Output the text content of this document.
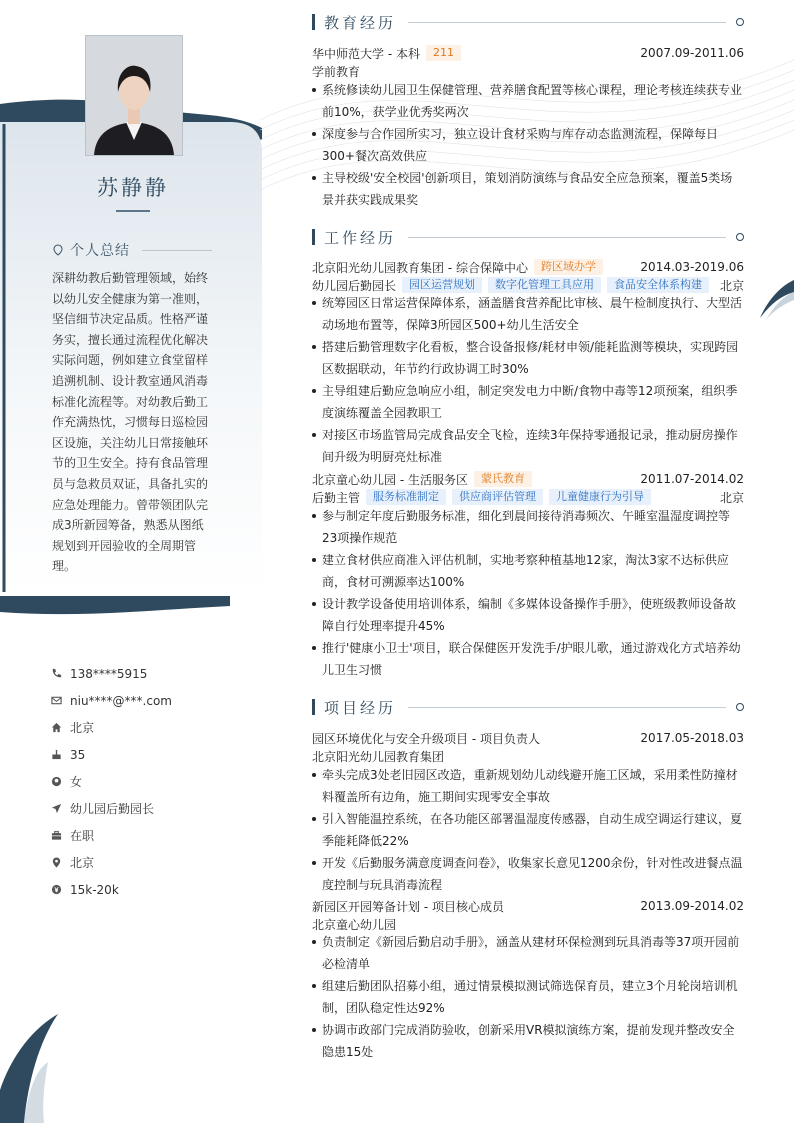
苏静静
个人总结
深耕幼教后勤管理领域，始终以幼儿安全健康为第一准则，坚信细节决定品质。性格严谨务实，擅长通过流程优化解决实际问题，例如建立食堂留样追溯机制、设计教室通风消毒标准化流程等。对幼教后勤工作充满热忱，习惯每日巡检园区设施，关注幼儿日常接触环节的卫生安全。持有食品管理员与急救员双证，具备扎实的应急处理能力。曾带领团队完成3所新园筹备，熟悉从图纸规划到开园验收的全周期管理。
138****5915
niu****@***.com
北京
35
女
幼儿园后勤园长
在职
北京
15k-20k
教育经历
华中师范大学 - 本科	211	2007.09-2011.06
学前教育
系统修读幼儿园卫生保健管理、营养膳食配置等核心课程，理论考核连续获专业前10%，获学业优秀奖两次
深度参与合作园所实习，独立设计食材采购与库存动态监测流程，保障每日300+餐次高效供应
主导校级'安全校园'创新项目，策划消防演练与食品安全应急预案，覆盖5类场景并获实践成果奖
工作经历
北京阳光幼儿园教育集团 - 综合保障中心	跨区域办学	2014.03-2019.06
幼儿园后勤园长	园区运营规划	数字化管理工具应用	食品安全体系构建	北京
统筹园区日常运营保障体系，涵盖膳食营养配比审核、晨午检制度执行、大型活动场地布置等，保障3所园区500+幼儿生活安全
搭建后勤管理数字化看板，整合设备报修/耗材申领/能耗监测等模块，实现跨园区数据联动，年节约行政协调工时30%
主导组建后勤应急响应小组，制定突发电力中断/食物中毒等12项预案，组织季度演练覆盖全园教职工
对接区市场监管局完成食品安全飞检，连续3年保持零通报记录，推动厨房操作间升级为明厨亮灶标准
北京童心幼儿园 - 生活服务区	蒙氏教育	2011.07-2014.02
后勤主管	服务标准制定	供应商评估管理	儿童健康行为引导	北京
参与制定年度后勤服务标准，细化到晨间接待消毒频次、午睡室温湿度调控等23项操作规范
建立食材供应商准入评估机制，实地考察种植基地12家，淘汰3家不达标供应商，食材可溯源率达100%
设计教学设备使用培训体系，编制《多媒体设备操作手册》，使班级教师设备故障自行处理率提升45%
推行'健康小卫士'项目，联合保健医开发洗手/护眼儿歌，通过游戏化方式培养幼儿卫生习惯
项目经历
园区环境优化与安全升级项目 - 项目负责人	2017.05-2018.03
北京阳光幼儿园教育集团
牵头完成3处老旧园区改造，重新规划幼儿动线避开施工区域，采用柔性防撞材料覆盖所有边角，施工期间实现零安全事故
引入智能温控系统，在各功能区部署温湿度传感器，自动生成空调运行建议，夏季能耗降低22%
开发《后勤服务满意度调查问卷》，收集家长意见1200余份，针对性改进餐点温度控制与玩具消毒流程
新园区开园筹备计划 - 项目核心成员	2013.09-2014.02
北京童心幼儿园
负责制定《新园后勤启动手册》，涵盖从建材环保检测到玩具消毒等37项开园前必检清单
组建后勤团队招募小组，通过情景模拟测试筛选保育员，建立3个月轮岗培训机制，团队稳定性达92%
协调市政部门完成消防验收，创新采用VR模拟演练方案，提前发现并整改安全隐患15处
